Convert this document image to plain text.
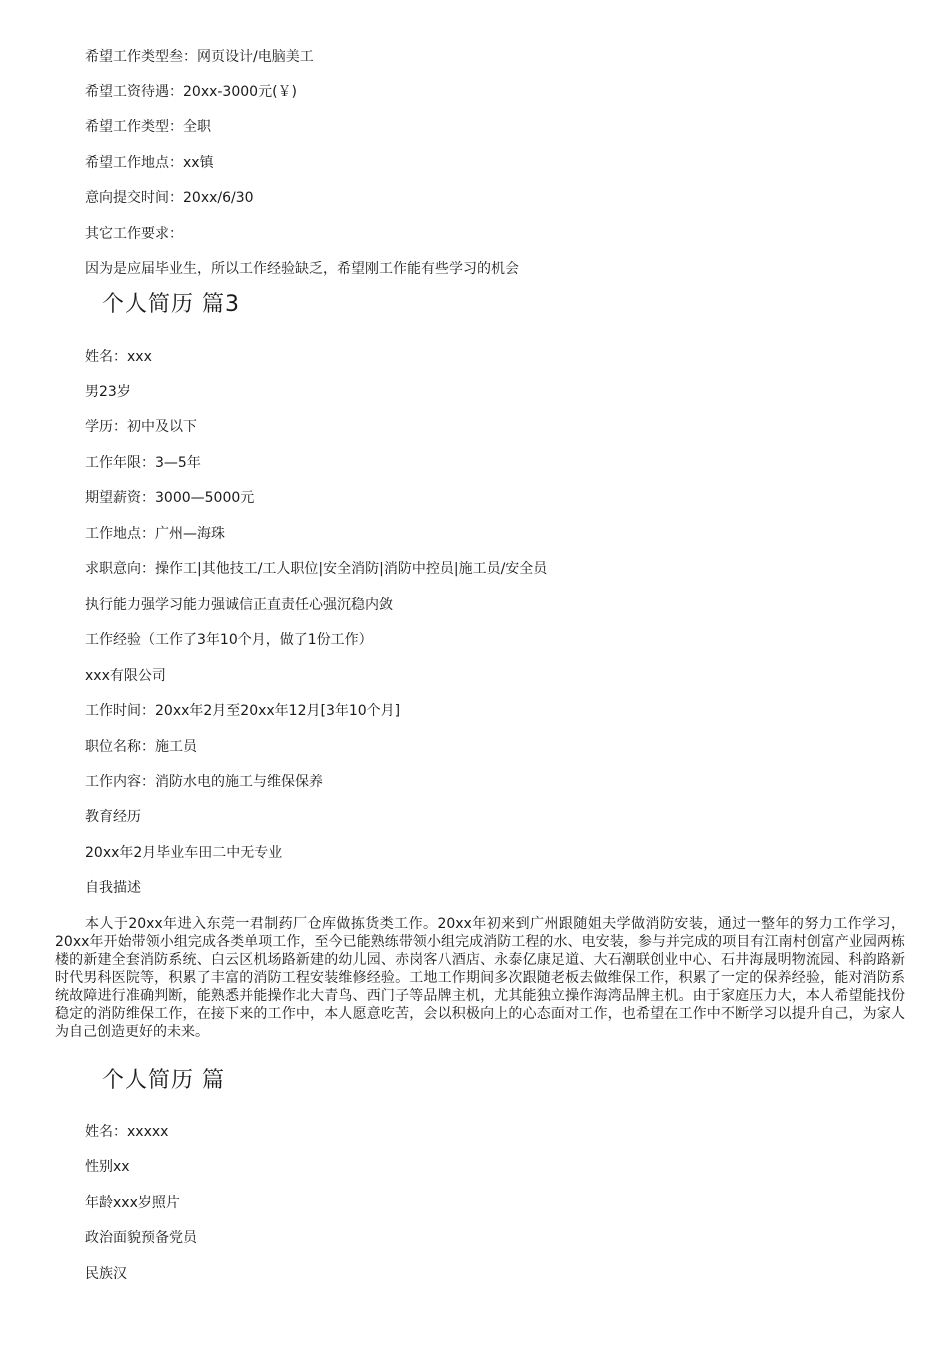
希望工作类型叁：网页设计/电脑美工
希望工资待遇：20xx-3000元(￥)
希望工作类型：全职
希望工作地点：xx镇
意向提交时间：20xx/6/30
其它工作要求：
因为是应届毕业生，所以工作经验缺乏，希望刚工作能有些学习的机会
个人简历 篇3
姓名：xxx
男23岁
学历：初中及以下
工作年限：3—5年
期望薪资：3000—5000元
工作地点：广州—海珠
求职意向：操作工|其他技工/工人职位|安全消防|消防中控员|施工员/安全员
执行能力强学习能力强诚信正直责任心强沉稳内敛
工作经验（工作了3年10个月，做了1份工作）
xxx有限公司
工作时间：20xx年2月至20xx年12月[3年10个月]
职位名称：施工员
工作内容：消防水电的施工与维保保养
教育经历
20xx年2月毕业车田二中无专业
自我描述
本人于20xx年进入东莞一君制药厂仓库做拣货类工作。20xx年初来到广州跟随姐夫学做消防安装，通过一整年的努力工作学习，20xx年开始带领小组完成各类单项工作，至今已能熟练带领小组完成消防工程的水、电安装，参与并完成的项目有江南村创富产业园两栋楼的新建全套消防系统、白云区机场路新建的幼儿园、赤岗客八酒店、永泰亿康足道、大石潮联创业中心、石井海晟明物流园、科韵路新时代男科医院等，积累了丰富的消防工程安装维修经验。工地工作期间多次跟随老板去做维保工作，积累了一定的保养经验，能对消防系统故障进行准确判断，能熟悉并能操作北大青鸟、西门子等品牌主机，尤其能独立操作海湾品牌主机。由于家庭压力大，本人希望能找份稳定的消防维保工作，在接下来的工作中，本人愿意吃苦，会以积极向上的心态面对工作，也希望在工作中不断学习以提升自己，为家人为自己创造更好的未来。
个人简历 篇
姓名：xxxxx
性别xx
年龄xxx岁照片
政治面貌预备党员
民族汉
